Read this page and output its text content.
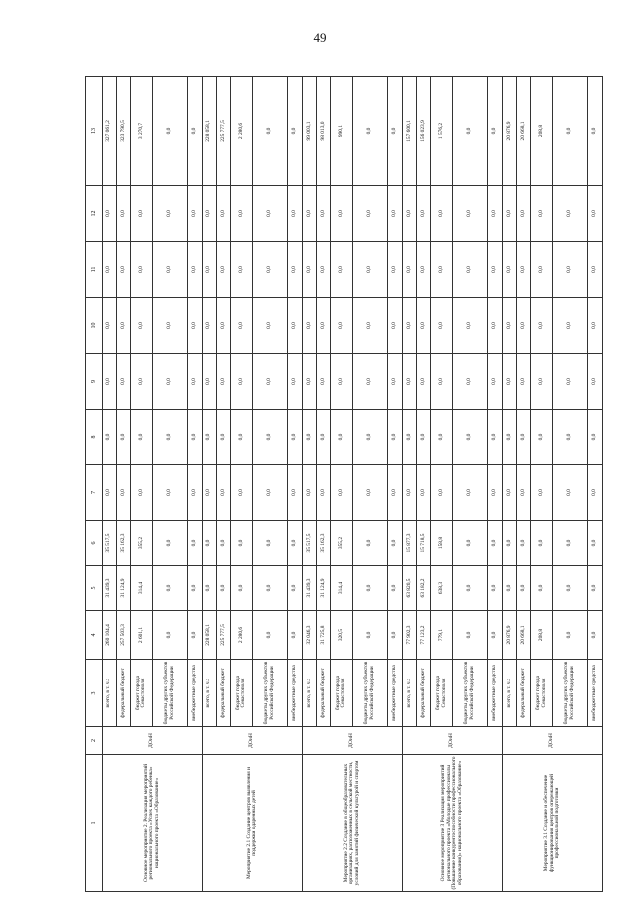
49
1	2	3	4	5	6	7	8	9	10	11	12	13
Основное мероприятие 2. Реализация мероприятий регионального проекта «Успех каждого ребенка» национального проекта «Образование»	ДОиН	всего, в т. ч.:	260 104,4	31 439,3	35 517,5	0,0	0,0	0,0	0,0	0,0	0,0	327 061,2
		федеральный бюджет	257 503,3	31 124,9	35 162,3	0,0	0,0	0,0	0,0	0,0	0,0	323 790,5
		бюджет города Севастополя	2 601,1	314,4	355,2	0,0	0,0	0,0	0,0	0,0	0,0	3 270,7
		бюджеты других субъектов Российской Федерации	0,0	0,0	0,0	0,0	0,0	0,0	0,0	0,0	0,0	0,0
		внебюджетные средства	0,0	0,0	0,0	0,0	0,0	0,0	0,0	0,0	0,0	0,0
Мероприятие 2.1 Создание центров выявления и поддержки одаренных детей	ДОиН	всего, в т. ч.:	228 058,1	0,0	0,0	0,0	0,0	0,0	0,0	0,0	0,0	228 058,1
		федеральный бюджет	225 777,5	0,0	0,0	0,0	0,0	0,0	0,0	0,0	0,0	225 777,5
		бюджет города Севастополя	2 280,6	0,0	0,0	0,0	0,0	0,0	0,0	0,0	0,0	2 280,6
		бюджеты других субъектов Российской Федерации	0,0	0,0	0,0	0,0	0,0	0,0	0,0	0,0	0,0	0,0
		внебюджетные средства	0,0	0,0	0,0	0,0	0,0	0,0	0,0	0,0	0,0	0,0
Мероприятие 2.2 Создание в общеобразовательных организациях, расположенных в сельской местности, условий для занятий физической культурой и спортом	ДОиН	всего, в т. ч.:	32 046,3	31 439,3	35 517,5	0,0	0,0	0,0	0,0	0,0	0,0	99 003,1
		федеральный бюджет	31 725,8	31 124,9	35 162,3	0,0	0,0	0,0	0,0	0,0	0,0	98 013,0
		бюджет города Севастополя	320,5	314,4	355,2	0,0	0,0	0,0	0,0	0,0	0,0	990,1
		бюджеты других субъектов Российской Федерации	0,0	0,0	0,0	0,0	0,0	0,0	0,0	0,0	0,0	0,0
		внебюджетные средства	0,0	0,0	0,0	0,0	0,0	0,0	0,0	0,0	0,0	0,0
Основное мероприятие 3 Реализация мероприятий регионального проекта «Молодые профессионалы (Повышение конкурентоспособности профессионального образования)» национального проекта «Образование»	ДОиН	всего, в т. ч.:	77 902,3	63 820,5	15 877,3	0,0	0,0	0,0	0,0	0,0	0,0	157 600,1
		федеральный бюджет	77 123,2	63 182,2	15 718,5	0,0	0,0	0,0	0,0	0,0	0,0	156 023,9
		бюджет города Севастополя	779,1	638,3	158,8	0,0	0,0	0,0	0,0	0,0	0,0	1 576,2
		бюджеты других субъектов Российской Федерации	0,0	0,0	0,0	0,0	0,0	0,0	0,0	0,0	0,0	0,0
		внебюджетные средства	0,0	0,0	0,0	0,0	0,0	0,0	0,0	0,0	0,0	0,0
Мероприятие 3.1 Создание и обеспечение функционирования центров опережающей профессиональной подготовки	ДОиН	всего, в т. ч.:	20 876,9	0,0	0,0	0,0	0,0	0,0	0,0	0,0	0,0	20 876,9
		федеральный бюджет	20 668,1	0,0	0,0	0,0	0,0	0,0	0,0	0,0	0,0	20 668,1
		бюджет города Севастополя	208,8	0,0	0,0	0,0	0,0	0,0	0,0	0,0	0,0	208,8
		бюджеты других субъектов Российской Федерации	0,0	0,0	0,0	0,0	0,0	0,0	0,0	0,0	0,0	0,0
		внебюджетные средства	0,0	0,0	0,0	0,0	0,0	0,0	0,0	0,0	0,0	0,0
